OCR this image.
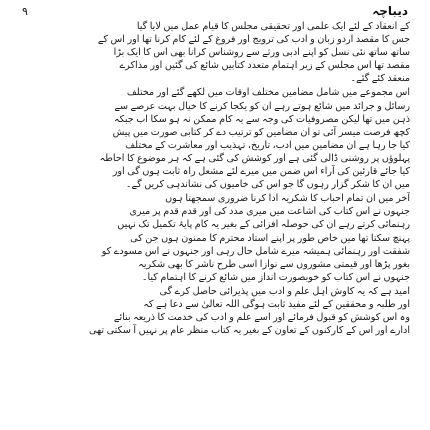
۹	دیباچہ
کے انعقاد کے لئے ایک علمی اور تحقیقی مجلس کا قیام عمل میں لایا گیا
جس کا مقصد اردو زبان و ادب کی ترویج اور فروغ کے لئے کام کرنا تھا اور اس کے
ساتھ ساتھ نئی نسل کو اپنے ادبی ورثے سے روشناس کرانا بھی اس کا ایک بڑا
مقصد تھا اس مجلس کے زیر اہتمام متعدد کتابیں شائع کی گئیں اور مذاکرے
منعقد کئے گئے۔
اس مجموعے میں شامل مضامین مختلف اوقات میں لکھے گئے اور مختلف
رسائل و جرائد میں شائع ہوتے رہے ان کو یکجا کرنے کا خیال بہت عرصے سے
ذہن میں تھا لیکن مصروفیات کی وجہ سے یہ کام ممکن نہ ہو سکا اب جبکہ
کچھ فرصت میسر آئی تو ان مضامین کو ترتیب دے کر کتابی صورت میں پیش
کیا جا رہا ہے ان مضامین میں ادب، تاریخ، تہذیب اور معاشرت کے مختلف
پہلوؤں پر روشنی ڈالی گئی ہے اور کوشش کی گئی ہے کہ ہر موضوع کا احاطہ
کیا جائے قارئین کی آراء اس ضمن میں میرے لئے مشعل راہ ثابت ہوں گی اور
میں ان کا شکر گزار رہوں گا جو اس کی خامیوں کی نشاندہی کریں گے۔
آخر میں ان تمام احباب کا شکریہ ادا کرنا ضروری سمجھتا ہوں
جنہوں نے اس کتاب کی اشاعت میں میری مدد کی اور قدم قدم پر میری
رہنمائی کرتے رہے ان کی حوصلہ افزائی کے بغیر یہ کام پایۂ تکمیل تک نہیں
پہنچ سکتا تھا میں خاص طور پر اپنے استاد محترم کا ممنون ہوں جن کی
شفقت اور رہنمائی ہمیشہ میرے شامل حال رہی اور جنہوں نے اس مسودے کو
بغور پڑھا اور قیمتی مشوروں سے نوازا اسی طرح ناشر کا بھی شکریہ
جنہوں نے اس کتاب کو خوبصورت انداز میں شائع کرنے کا اہتمام کیا۔
امید ہے کہ یہ کاوش اہل علم و ادب میں پذیرائی حاصل کرے گی
اور طلبہ و محققین کے لئے مفید ثابت ہوگی اللہ تعالیٰ سے دعا ہے کہ
وہ اس کوشش کو قبول فرمائے اور اسے علم و ادب کی خدمت کا ذریعہ بنائے
ادارے اور اس کے کارکنوں کے تعاون کے بغیر یہ کتاب منظر عام پر نہیں آ سکتی تھی
